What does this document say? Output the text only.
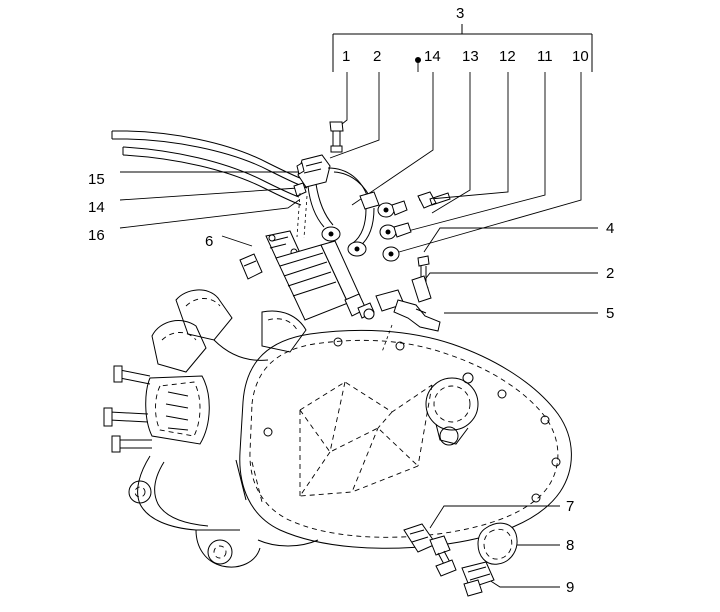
3
1 2	14 13 12 11 10
15
14
16	6
4
2
5
7
8
9
